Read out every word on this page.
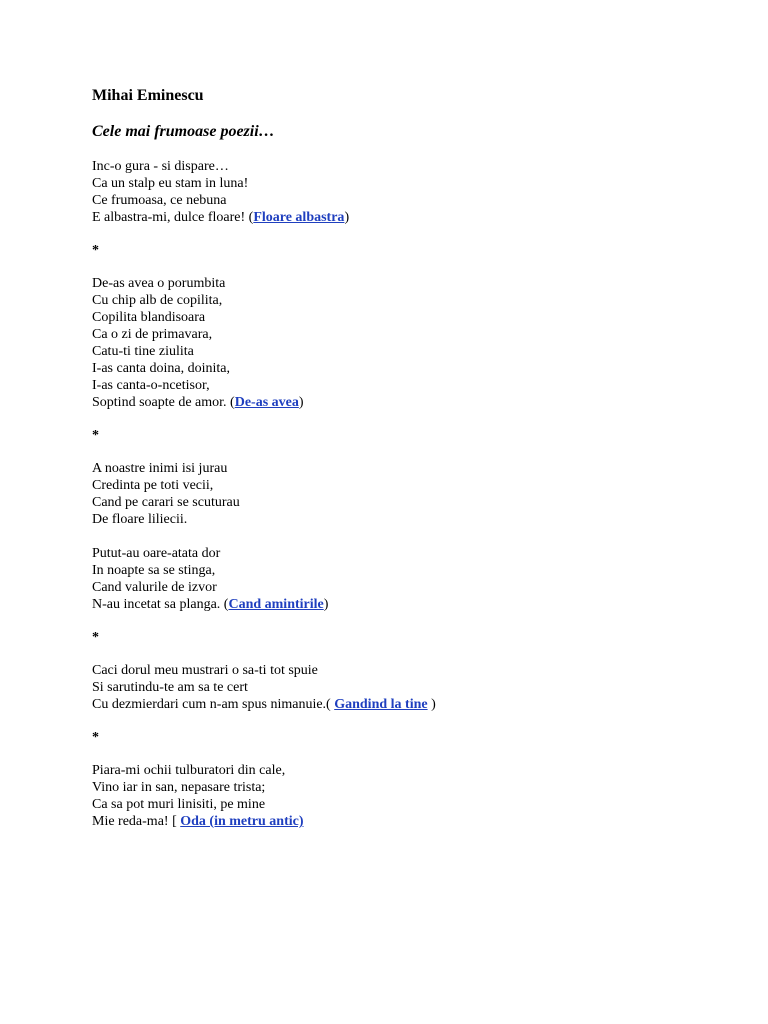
Mihai Eminescu

Cele mai frumoase poezii…

Inc-o gura - si dispare…
Ca un stalp eu stam in luna!
Ce frumoasa, ce nebuna
E albastra-mi, dulce floare! (Floare albastra)
*
De-as avea o porumbita
Cu chip alb de copilita,
Copilita blandisoara
Ca o zi de primavara,
Catu-ti tine ziulita
I-as canta doina, doinita,
I-as canta-o-ncetisor,
Soptind soapte de amor. (De-as avea)
*
A noastre inimi isi jurau
Credinta pe toti vecii,
Cand pe carari se scuturau
De floare liliecii.
Putut-au oare-atata dor
In noapte sa se stinga,
Cand valurile de izvor
N-au incetat sa planga. (Cand amintirile)
*
Caci dorul meu mustrari o sa-ti tot spuie
Si sarutindu-te am sa te cert
Cu dezmierdari cum n-am spus nimanuie.( Gandind la tine )
*
Piara-mi ochii tulburatori din cale,
Vino iar in san, nepasare trista;
Ca sa pot muri linisiti, pe mine
Mie reda-ma! [ Oda (in metru antic)
